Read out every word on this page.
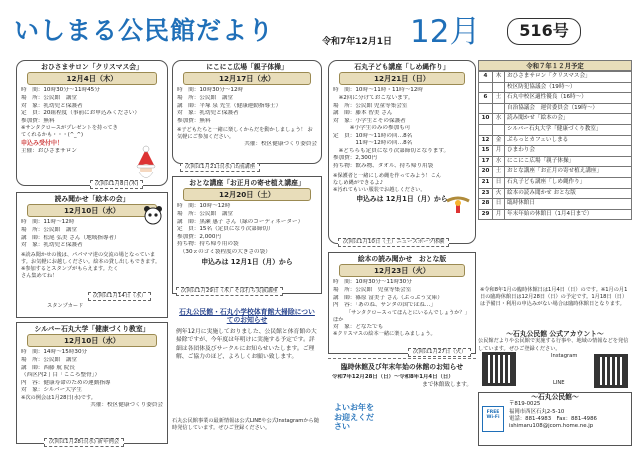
いしまる公民館だより	令和7年12月1日 12月	516号
おひさまサロン「クリスマス会」
12月4日（木）
時　間：10時30分～11時45分
場　所：公民館　講堂
対　象：乳幼児と保護者
定　員：20組程度（事前にお申込みください）
参加費：無料
※サンタクロースがプレゼントを持ってきてくれるかも・・・(^_^)
申込み受付中！
主催：おひさまサロン
次回は1月8日(木)
読み聞かせ「絵本の会」
12月10日（水）
時　間：11時～12時
場　所：公民館　講堂
講　師：松尾 弘美 さん（地域指導者）
対　象：乳幼児と保護者
※読み聞かせの後は、パパママ達の交流の場となっています。お気軽にお越しください。絵本の貸し出しもできます。
※参加するとスタンプがもらえます。たくさん集めてね！
スタンプカード
次回は1月14日（水）
シルバー石丸大学「健康づくり教室」
12月10日（水）
時　間：14時～15時30分
場　所：公民館　講堂
講　師：西藤 航 院長
（西区内2丁目「こころ整骨」）
内　容：健康寿命のための運動指導
対　象：シルバー大学生
※次の例会は1月28日(水)です。
共催：校区健康づくり委員会
次回は1月28日(水) 新年例会
にこにこ広場「親子体操」
12月17日（水）
時　間：10時30分～12時
場　所：公民館　講堂
講　師：平塚 泉 先生（健康運動指導士）
対　象：乳幼児と保護者
参加費：無料
※子どもたちと一緒に楽しくからだを動かしましょう！ お気軽にご参加ください。
共催：校区健康づくり委員会
次回は1月21日(水) 出前講座
おとな講座「お正月の寄せ植え講座」
12月20日（土）
時　間：10時～12時
場　所：公民館　講堂
講　師：黒瀬 惠子 さん（緑のコーディネーター）
定　員：15名（定員になり次第締切）
参加費：2,000円
持ち物：持ち帰り用の袋
　（30ｚのゴミ袋程度の大きさの袋）
申込みは 12月1日（月）から
次回は1月29日（木）そば打ち実演講座
石丸公民館・石丸小学校体育館大掃除についてのお知らせ
例年12月に実施しておりました、公民館と体育館の大掃除ですが、今年度は年明けに実施する予定です。詳細は各団体及びサークルにお知らせいたします。ご理解、ご協力のほど、よろしくお願い致します。
石丸公民館事業の最新情報は公式LINEや公式Instagramから随時発信しています。ぜひご登録ください。
石丸子ども講座「しめ縄作り」
12月21日（日）
時　間：10時～11時・11時～12時
　※2回に分けておこないます。
場　所：公民館 児童等集会室
講　師：藤本 智美 さん
対　象：小学生とその保護者
　　　※小学生のみの参加も可
定　員：10時～11時の回…8名
　　　　11時～12時の回…8名
　※どちらも定員になり次第締切となります。
参加費：2,300円
持ち物：飲み物、タオル、持ち帰り用袋
※保護者と一緒にしめ縄を作ってみよう！こんなしめ縄ができるよ♪
※汚れてもいい服装でお越しください。
申込みは 12月1日（月）から
次回は1月10日（土）ニュースポーツ体験
絵本の読み聞かせ　おとな版
12月23日（火）
時　間：10時30分～11時30分
場　所：公民館　児童等集会室
講　師：篠原 富美子 さん（ぷっぷう文庫）
内　容：「あのね、サンタの国ではね…」
　　　「サンタクロースってほんとにいるんでしょうか？」ほか
対　象：どなたでも
※クリスマスの絵本一緒に楽しみましょう。
次回は1月27日（火）
臨時休館及び年末年始の休館のお知らせ
令和7年12月28日（日）～令和8年1月4日（日）
まで休館致します。
よいお年をお迎えください
令和７年１２月予定
4	木	おひさまサロン「クリスマス会」
		校区防犯協議会（19時～）
6	土	石丸中校区適性優良（16時～）
		自治協議会　運営委員会（19時～）
10	水	読み聞かせ「絵本の会」
		シルバー石丸大学「健康づくり教室」
12	金	ぷらっとカフェいしまる
15	月	ひまわり会
17	水	にこにこ広場「親子体操」
20	土	おとな講座「お正月の寄せ植え講座」
21	日	石丸子ども講座「しめ縄作り」
23	火	絵本の読み聞かせ おとな版
28	日	臨時休館日
29	月	年末年始の休館日（1月4日まで）
※令和8年1月の臨時休館日は1月4日（日）のです。※1月の月1日の臨時休館日は12月28日（日）の予定です。1月18日（日）は予備日・利用の申込みがない場合は臨時休館日となります。
～石丸公民館 公式アカウント～
公民館だよりや公民館で実施する行事や、地域の情報などを発信しています。ぜひご登録ください。
Instagram
LINE
～石丸公民館～
FREE Wi-Fi
〒819-0025
福岡市西区石丸2-5-10
電話：881-4983　Fax：881-4986
ishimaru108@jcom.home.ne.jp
